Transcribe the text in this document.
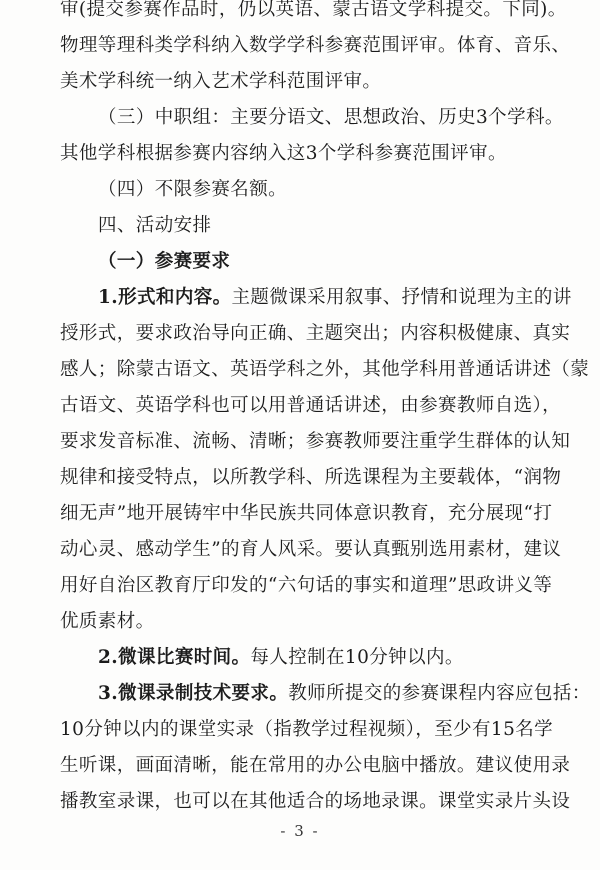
审(提交参赛作品时，仍以英语、蒙古语文学科提交。下同)。
物理等理科类学科纳入数学学科参赛范围评审。体育、音乐、
美术学科统一纳入艺术学科范围评审。
（三）中职组：主要分语文、思想政治、历史3个学科。
其他学科根据参赛内容纳入这3个学科参赛范围评审。
（四）不限参赛名额。
四、活动安排
（一）参赛要求
1.形式和内容。主题微课采用叙事、抒情和说理为主的讲
授形式，要求政治导向正确、主题突出；内容积极健康、真实
感人；除蒙古语文、英语学科之外，其他学科用普通话讲述（蒙
古语文、英语学科也可以用普通话讲述，由参赛教师自选），
要求发音标准、流畅、清晰；参赛教师要注重学生群体的认知
规律和接受特点，以所教学科、所选课程为主要载体，“润物
细无声”地开展铸牢中华民族共同体意识教育，充分展现“打
动心灵、感动学生”的育人风采。要认真甄别选用素材，建议
用好自治区教育厅印发的“六句话的事实和道理”思政讲义等
优质素材。
2.微课比赛时间。每人控制在10分钟以内。
3.微课录制技术要求。教师所提交的参赛课程内容应包括：
10分钟以内的课堂实录（指教学过程视频），至少有15名学
生听课，画面清晰，能在常用的办公电脑中播放。建议使用录
- 3 -
播教室录课，也可以在其他适合的场地录课。课堂实录片头设
